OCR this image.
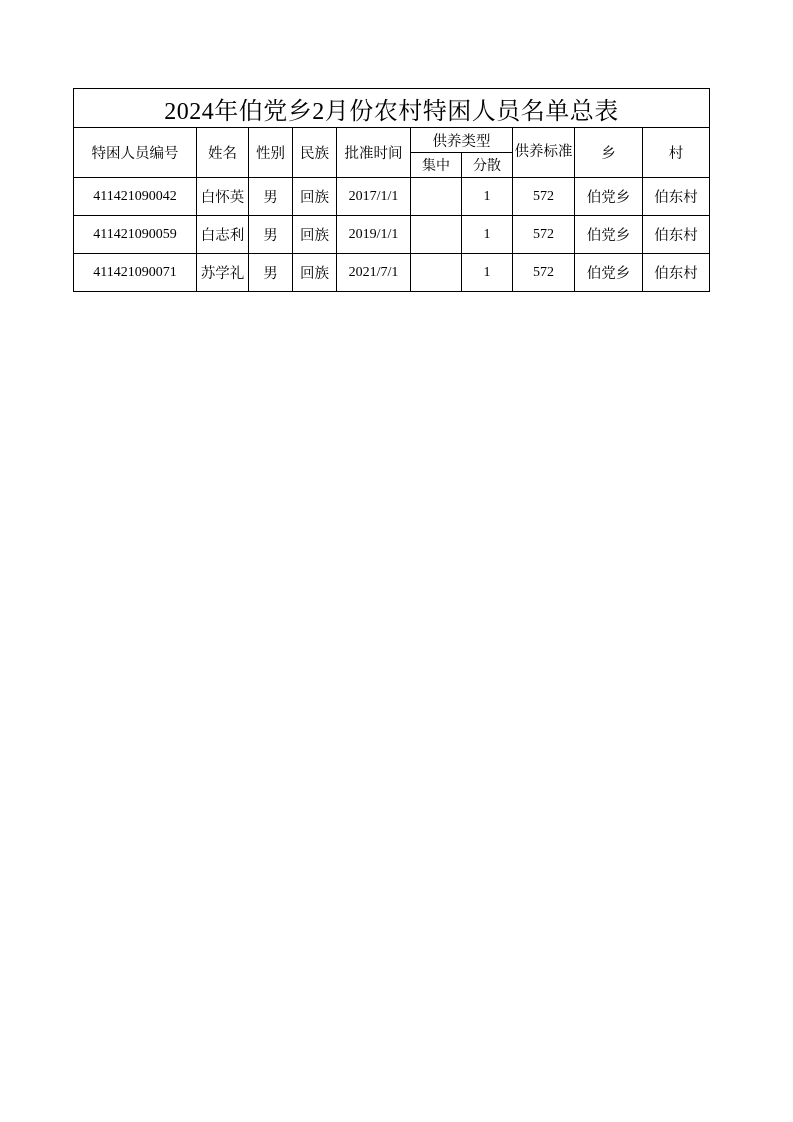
2024年伯党乡2月份农村特困人员名单总表									
特困人员编号	姓名	性别	民族	批准时间	供养类型		供养标准	乡	村
					集中	分散			
411421090042	白怀英	男	回族	2017/1/1		1	572	伯党乡	伯东村
411421090059	白志利	男	回族	2019/1/1		1	572	伯党乡	伯东村
411421090071	苏学礼	男	回族	2021/7/1		1	572	伯党乡	伯东村
